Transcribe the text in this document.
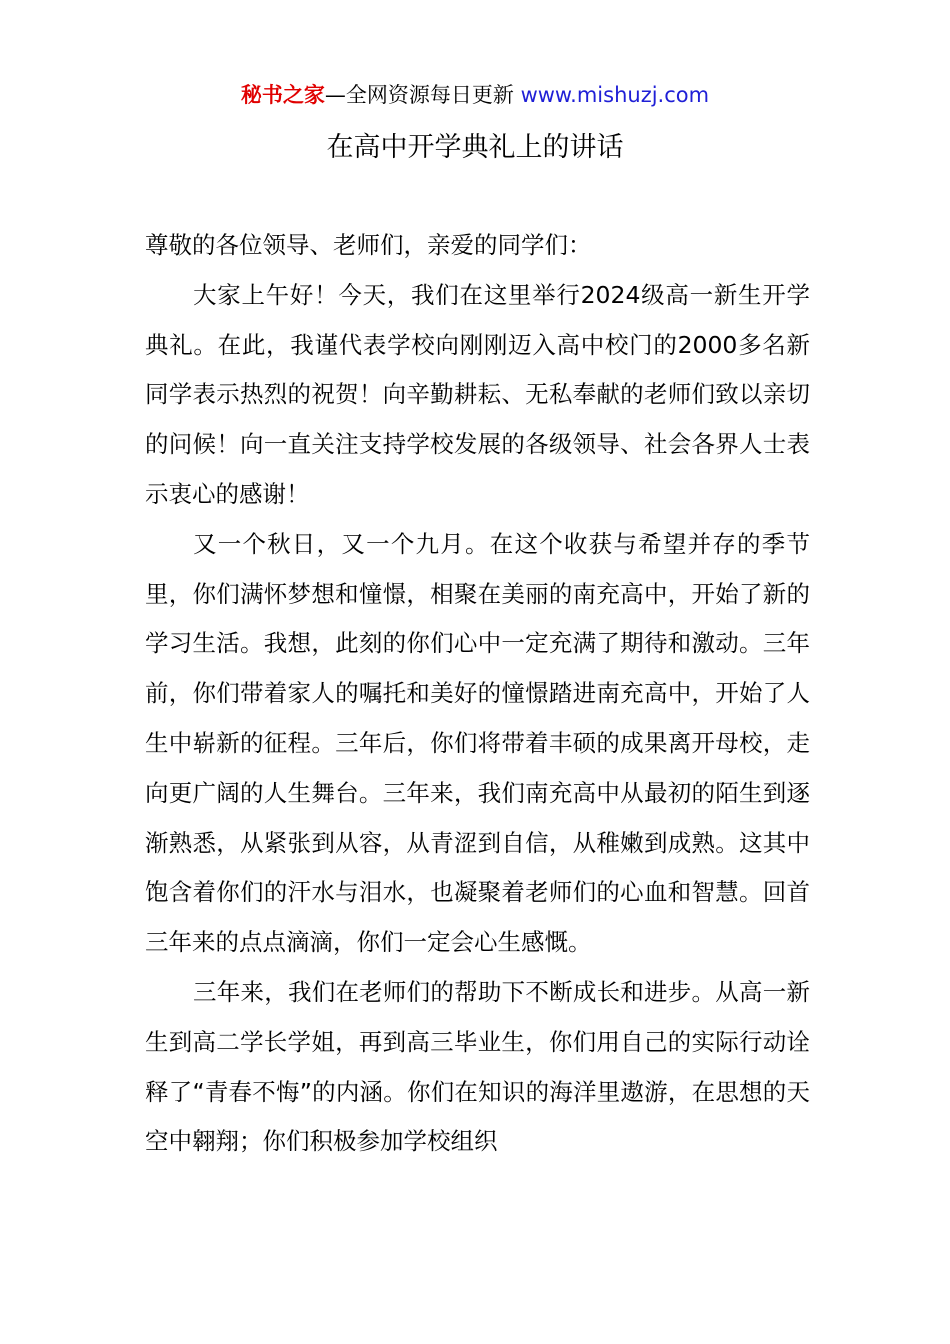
秘书之家—全网资源每日更新 www.mishuzj.com
在高中开学典礼上的讲话

尊敬的各位领导、老师们，亲爱的同学们：

大家上午好！今天，我们在这里举行2024级高一新生开学典礼。在此，我谨代表学校向刚刚迈入高中校门的2000多名新同学表示热烈的祝贺！向辛勤耕耘、无私奉献的老师们致以亲切的问候！向一直关注支持学校发展的各级领导、社会各界人士表示衷心的感谢！

又一个秋日，又一个九月。在这个收获与希望并存的季节里，你们满怀梦想和憧憬，相聚在美丽的南充高中，开始了新的学习生活。我想，此刻的你们心中一定充满了期待和激动。三年前，你们带着家人的嘱托和美好的憧憬踏进南充高中，开始了人生中崭新的征程。三年后，你们将带着丰硕的成果离开母校，走向更广阔的人生舞台。三年来，我们南充高中从最初的陌生到逐渐熟悉，从紧张到从容，从青涩到自信，从稚嫩到成熟。这其中饱含着你们的汗水与泪水，也凝聚着老师们的心血和智慧。回首三年来的点点滴滴，你们一定会心生感慨。

三年来，我们在老师们的帮助下不断成长和进步。从高一新生到高二学长学姐，再到高三毕业生，你们用自己的实际行动诠释了“青春不悔”的内涵。你们在知识的海洋里遨游，在思想的天空中翱翔；你们积极参加学校组织
